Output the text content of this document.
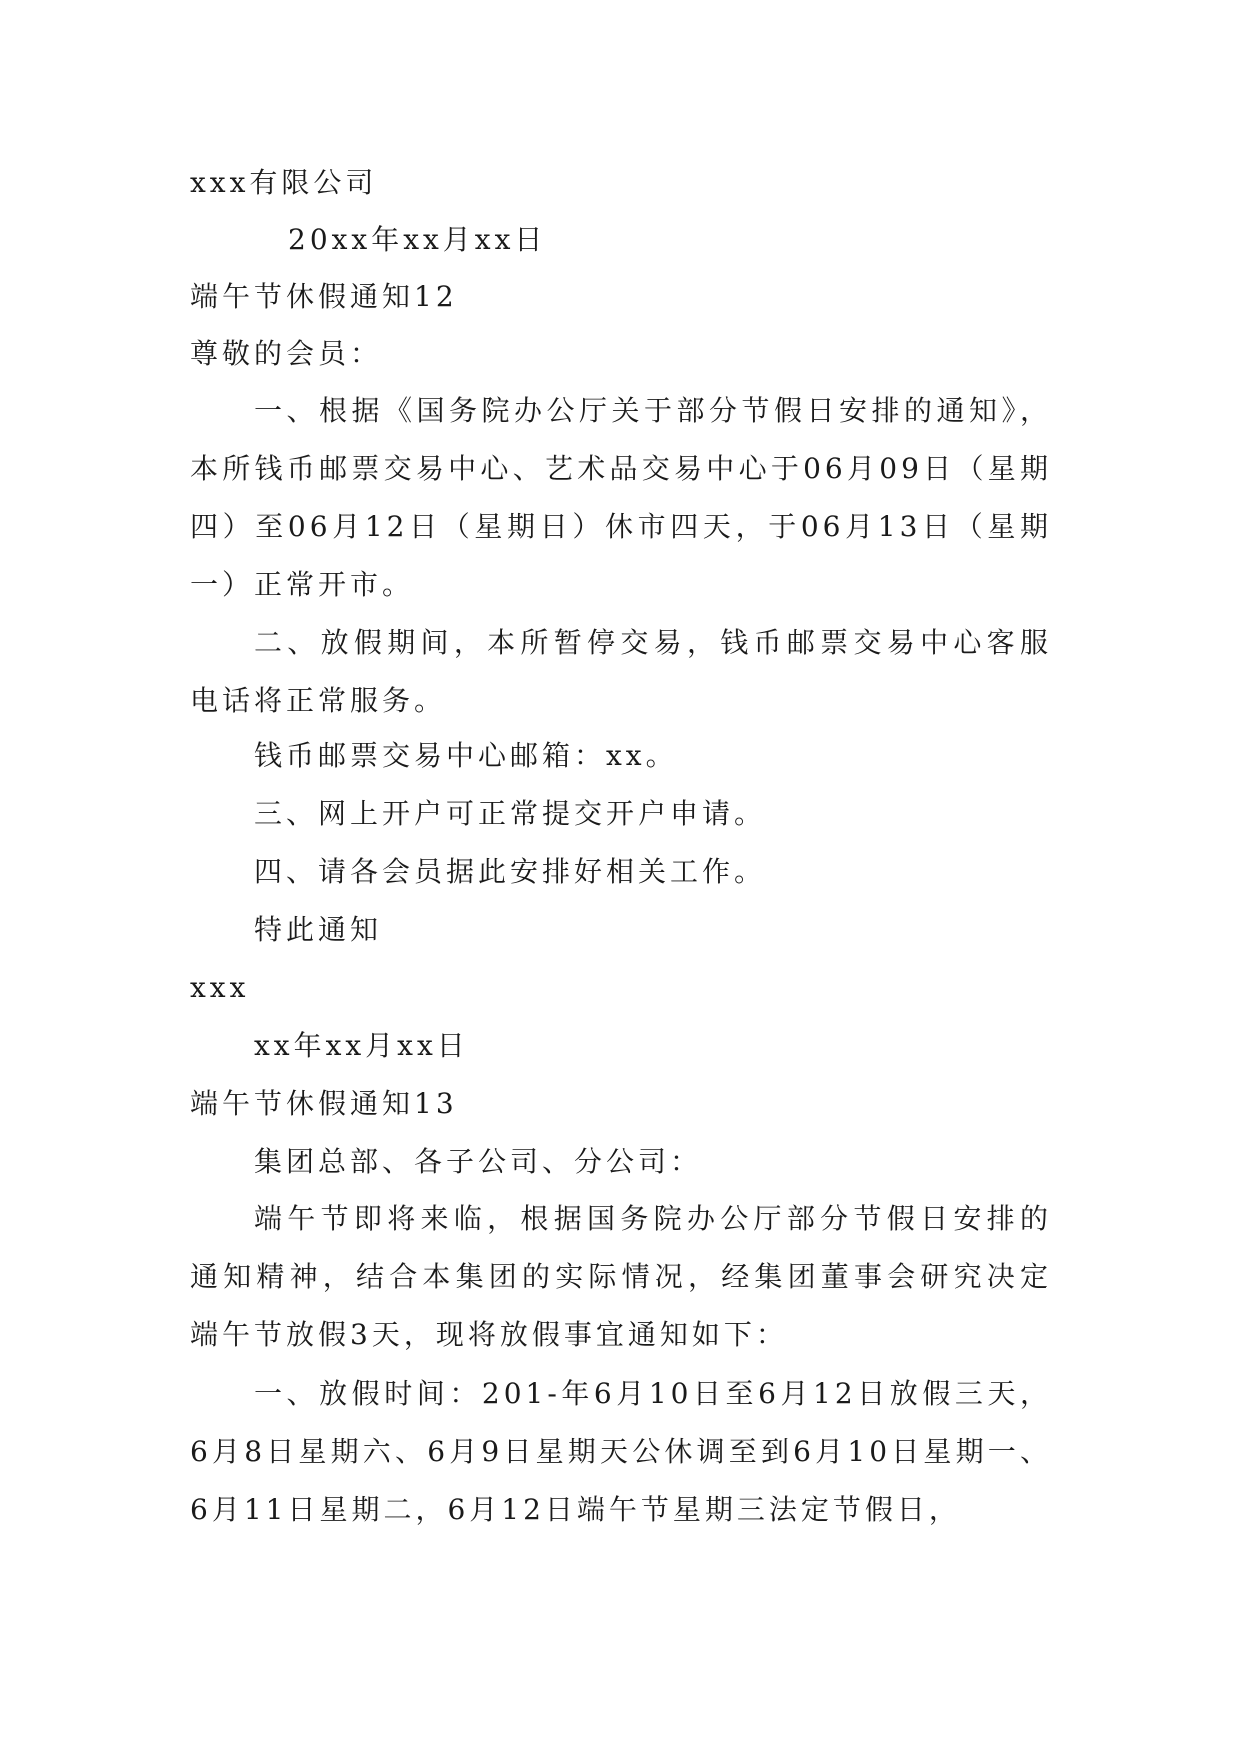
xxx有限公司
20xx年xx月xx日
端午节休假通知12
尊敬的会员：
一、根据《国务院办公厅关于部分节假日安排的通知》，本所钱币邮票交易中心、艺术品交易中心于06月09日（星期四）至06月12日（星期日）休市四天，于06月13日（星期一）正常开市。
二、放假期间，本所暂停交易，钱币邮票交易中心客服电话将正常服务。
钱币邮票交易中心邮箱：xx。
三、网上开户可正常提交开户申请。
四、请各会员据此安排好相关工作。
特此通知
xxx
xx年xx月xx日
端午节休假通知13
集团总部、各子公司、分公司：
端午节即将来临，根据国务院办公厅部分节假日安排的通知精神，结合本集团的实际情况，经集团董事会研究决定端午节放假3天，现将放假事宜通知如下：
一、放假时间：201-年6月10日至6月12日放假三天，6月8日星期六、6月9日星期天公休调至到6月10日星期一、6月11日星期二，6月12日端午节星期三法定节假日，
